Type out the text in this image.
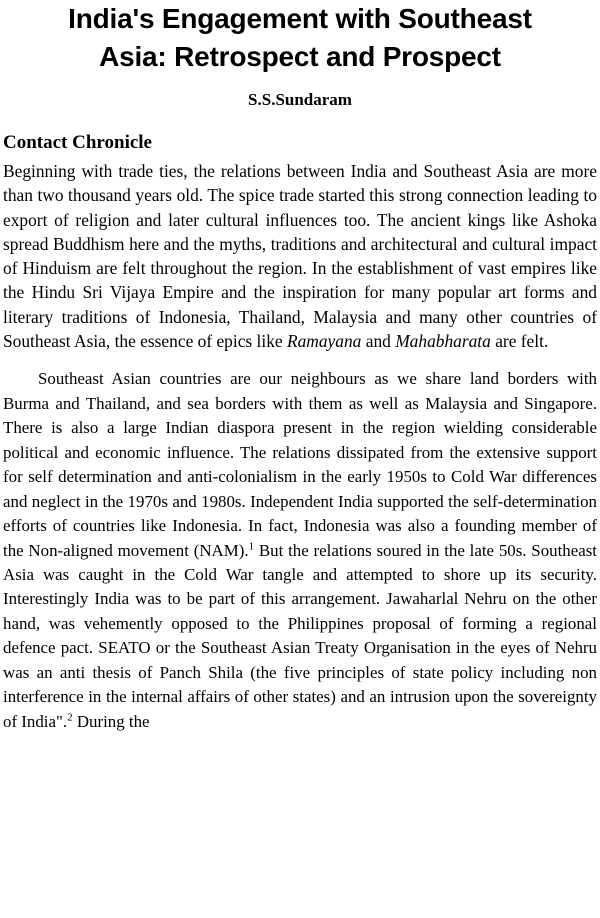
India's Engagement with Southeast
Asia: Retrospect and Prospect
S.S.Sundaram
Contact Chronicle

Beginning with trade ties, the relations between India and Southeast Asia are more than two thousand years old. The spice trade started this strong connection leading to export of religion and later cultural influences too. The ancient kings like Ashoka spread Buddhism here and the myths, traditions and architectural and cultural impact of Hinduism are felt throughout the region. In the establishment of vast empires like the Hindu Sri Vijaya Empire and the inspiration for many popular art forms and literary traditions of Indonesia, Thailand, Malaysia and many other countries of Southeast Asia, the essence of epics like Ramayana and Mahabharata are felt.

Southeast Asian countries are our neighbours as we share land borders with Burma and Thailand, and sea borders with them as well as Malaysia and Singapore. There is also a large Indian diaspora present in the region wielding considerable political and economic influence. The relations dissipated from the extensive support for self determination and anti-colonialism in the early 1950s to Cold War differences and neglect in the 1970s and 1980s. Independent India supported the self-determination efforts of countries like Indonesia. In fact, Indonesia was also a founding member of the Non-aligned movement (NAM).$^1$ But the relations soured in the late 50s. Southeast Asia was caught in the Cold War tangle and attempted to shore up its security. Interestingly India was to be part of this arrangement. Jawaharlal Nehru on the other hand, was vehemently opposed to the Philippines proposal of forming a regional defence pact. SEATO or the Southeast Asian Treaty Organisation in the eyes of Nehru was an anti thesis of Panch Shila (the five principles of state policy including non interference in the internal affairs of other states) and an intrusion upon the sovereignty of India".$^2$ During the
